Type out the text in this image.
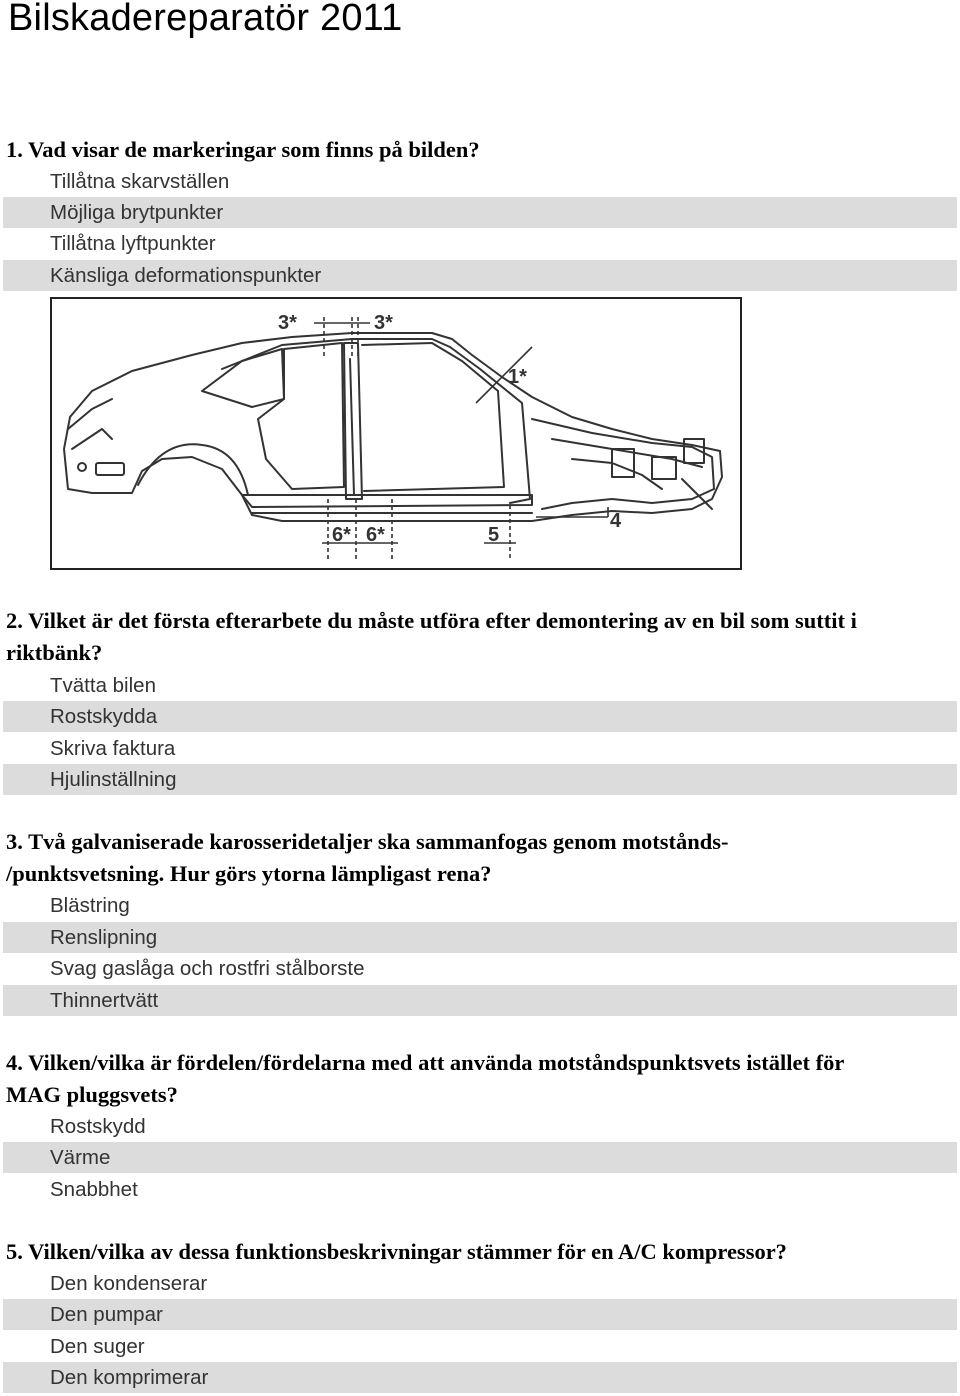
Bilskadereparatör 2011

1. Vad visar de markeringar som finns på bilden?

Tillåtna skarvställen
Möjliga brytpunkter
Tillåtna lyftpunkter
Känsliga deformationspunkter
3*	3*
1*
6* 6*	5
4

2. Vilket är det första efterarbete du måste utföra efter demontering av en bil som suttit i
riktbänk?

Tvätta bilen
Rostskydda
Skriva faktura
Hjulinställning

3. Två galvaniserade karosseridetaljer ska sammanfogas genom motstånds-
/punktsvetsning. Hur görs ytorna lämpligast rena?

Blästring
Renslipning
Svag gaslåga och rostfri stålborste
Thinnertvätt

4. Vilken/vilka är fördelen/fördelarna med att använda motståndspunktsvets istället för
MAG pluggsvets?

Rostskydd
Värme
Snabbhet

5. Vilken/vilka av dessa funktionsbeskrivningar stämmer för en A/C kompressor?

Den kondenserar
Den pumpar
Den suger
Den komprimerar
